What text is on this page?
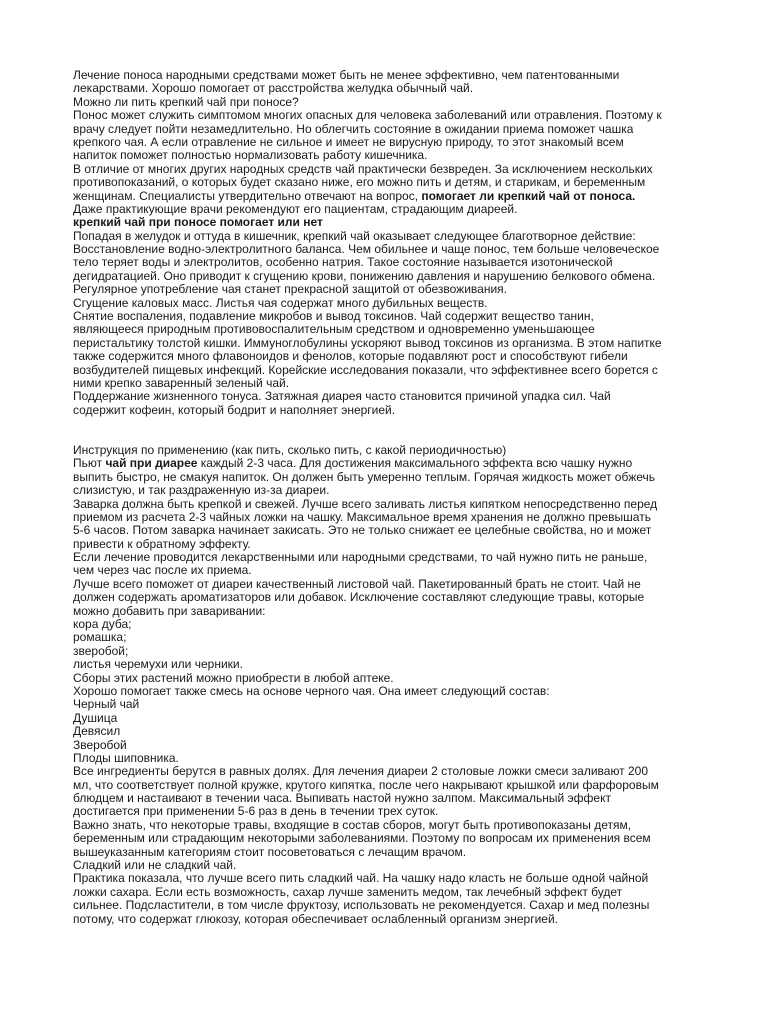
Лечение поноса народными средствами может быть не менее эффективно, чем патентованными
лекарствами. Хорошо помогает от расстройства желудка обычный чай.
Можно ли пить крепкий чай при поносе?
Понос может служить симптомом многих опасных для человека заболеваний или отравления. Поэтому к
врачу следует пойти незамедлительно. Но облегчить состояние в ожидании приема поможет чашка
крепкого чая. А если отравление не сильное и имеет не вирусную природу, то этот знакомый всем
напиток поможет полностью нормализовать работу кишечника.
В отличие от многих других народных средств чай практически безвреден. За исключением нескольких
противопоказаний, о которых будет сказано ниже, его можно пить и детям, и старикам, и беременным
женщинам. Специалисты утвердительно отвечают на вопрос, помогает ли крепкий чай от поноса.
Даже практикующие врачи рекомендуют его пациентам, страдающим диареей.
крепкий чай при поносе помогает или нет
Попадая в желудок и оттуда в кишечник, крепкий чай оказывает следующее благотворное действие:
Восстановление водно-электролитного баланса. Чем обильнее и чаще понос, тем больше человеческое
тело теряет воды и электролитов, особенно натрия. Такое состояние называется изотонической
дегидратацией. Оно приводит к сгущению крови, понижению давления и нарушению белкового обмена.
Регулярное употребление чая станет прекрасной защитой от обезвоживания.
Сгущение каловых масс. Листья чая содержат много дубильных веществ.
Снятие воспаления, подавление микробов и вывод токсинов. Чай содержит вещество танин,
являющееся природным противовоспалительным средством и одновременно уменьшающее
перистальтику толстой кишки. Иммуноглобулины ускоряют вывод токсинов из организма. В этом напитке
также содержится много флавоноидов и фенолов, которые подавляют рост и способствуют гибели
возбудителей пищевых инфекций. Корейские исследования показали, что эффективнее всего борется с
ними крепко заваренный зеленый чай.
Поддержание жизненного тонуса. Затяжная диарея часто становится причиной упадка сил. Чай
содержит кофеин, который бодрит и наполняет энергией.
Инструкция по применению (как пить, сколько пить, с какой периодичностью)
Пьют чай при диарее каждый 2-3 часа. Для достижения максимального эффекта всю чашку нужно
выпить быстро, не смакуя напиток. Он должен быть умеренно теплым. Горячая жидкость может обжечь
слизистую, и так раздраженную из-за диареи.
Заварка должна быть крепкой и свежей. Лучше всего заливать листья кипятком непосредственно перед
приемом из расчета 2-3 чайных ложки на чашку. Максимальное время хранения не должно превышать
5-6 часов. Потом заварка начинает закисать. Это не только снижает ее целебные свойства, но и может
привести к обратному эффекту.
Если лечение проводится лекарственными или народными средствами, то чай нужно пить не раньше,
чем через час после их приема.
Лучше всего поможет от диареи качественный листовой чай. Пакетированный брать не стоит. Чай не
должен содержать ароматизаторов или добавок. Исключение составляют следующие травы, которые
можно добавить при заваривании:
кора дуба;
ромашка;
зверобой;
листья черемухи или черники.
Сборы этих растений можно приобрести в любой аптеке.
Хорошо помогает также смесь на основе черного чая. Она имеет следующий состав:
Черный чай
Душица
Девясил
Зверобой
Плоды шиповника.
Все ингредиенты берутся в равных долях. Для лечения диареи 2 столовые ложки смеси заливают 200
мл, что соответствует полной кружке, крутого кипятка, после чего накрывают крышкой или фарфоровым
блюдцем и настаивают в течении часа. Выпивать настой нужно залпом. Максимальный эффект
достигается при применении 5-6 раз в день в течении трех суток.
Важно знать, что некоторые травы, входящие в состав сборов, могут быть противопоказаны детям,
беременным или страдающим некоторыми заболеваниями. Поэтому по вопросам их применения всем
вышеуказанным категориям стоит посоветоваться с лечащим врачом.
Сладкий или не сладкий чай.
Практика показала, что лучше всего пить сладкий чай. На чашку надо класть не больше одной чайной
ложки сахара. Если есть возможность, сахар лучше заменить медом, так лечебный эффект будет
сильнее. Подсластители, в том числе фруктозу, использовать не рекомендуется. Сахар и мед полезны
потому, что содержат глюкозу, которая обеспечивает ослабленный организм энергией.
